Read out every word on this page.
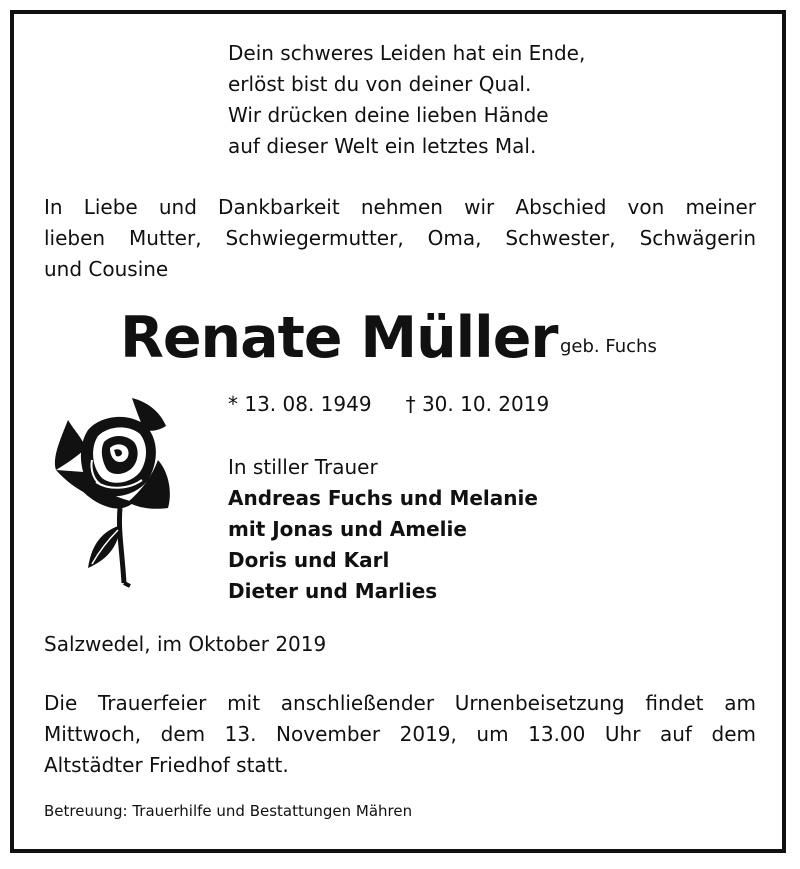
Dein schweres Leiden hat ein Ende,
erlöst bist du von deiner Qual.
Wir drücken deine lieben Hände
auf dieser Welt ein letztes Mal.
In Liebe und Dankbarkeit nehmen wir Abschied von meiner
lieben Mutter, Schwiegermutter, Oma, Schwester, Schwägerin
und Cousine
Renate Müller geb. Fuchs
* 13. 08. 1949 † 30. 10. 2019
In stiller Trauer
Andreas Fuchs und Melanie
mit Jonas und Amelie
Doris und Karl
Dieter und Marlies
Salzwedel, im Oktober 2019
Die Trauerfeier mit anschließender Urnenbeisetzung findet am
Mittwoch, dem 13. November 2019, um 13.00 Uhr auf dem
Altstädter Friedhof statt.
Betreuung: Trauerhilfe und Bestattungen Mähren
